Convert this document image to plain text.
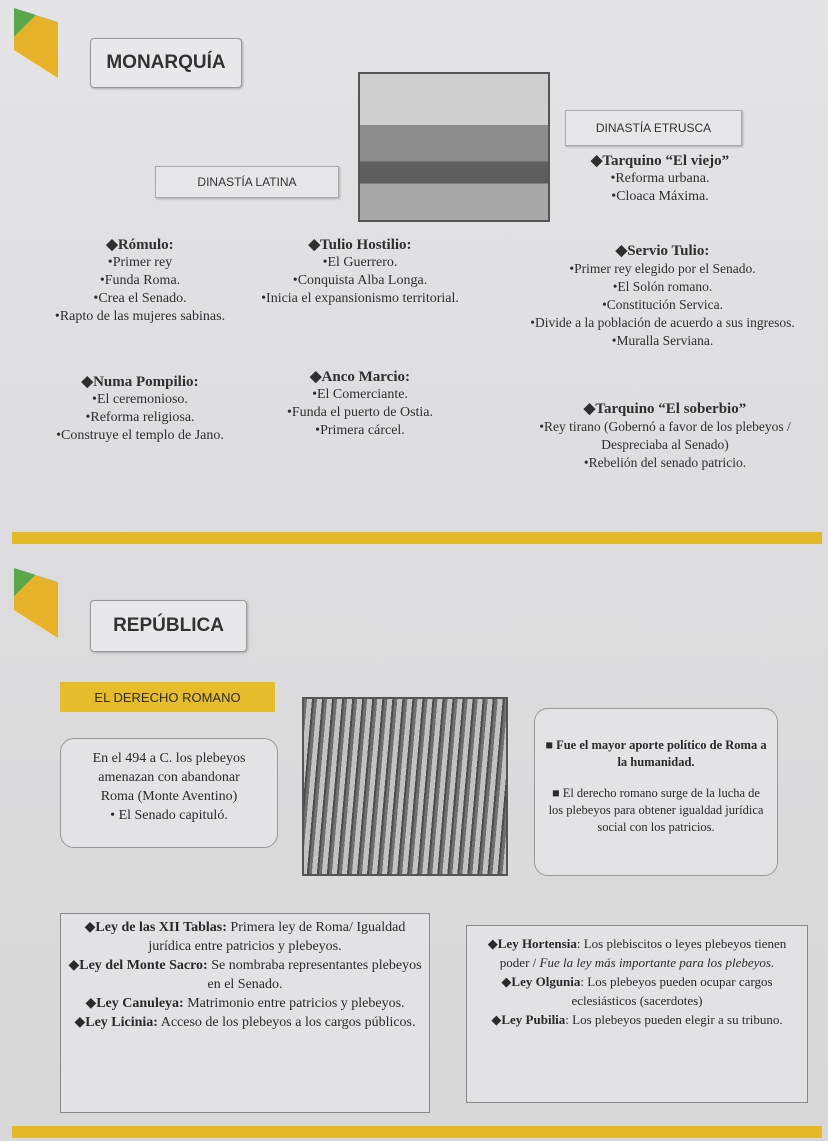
MONARQUÍA
DINASTÍA LATINA
DINASTÍA ETRUSCA
◆ Rómulo:
• Primer rey
• Funda Roma.
• Crea el Senado.
• Rapto de las mujeres sabinas.
◆ Tulio Hostilio:
• El Guerrero.
• Conquista Alba Longa.
• Inicia el expansionismo territorial.
◆ Numa Pompilio:
• El ceremonioso.
• Reforma religiosa.
• Construye el templo de Jano.
◆ Anco Marcio:
• El Comerciante.
• Funda el puerto de Ostia.
• Primera cárcel.
◆ Tarquino “El viejo”
• Reforma urbana.
• Cloaca Máxima.
◆ Servio Tulio:
• Primer rey elegido por el Senado.
• El Solón romano.
• Constitución Servica.
• Divide a la población de acuerdo a sus ingresos.
• Muralla Serviana.
◆ Tarquino “El soberbio”
• Rey tirano (Gobernó a favor de los plebeyos / Despreciaba al Senado)
• Rebelión del senado patricio.
REPÚBLICA
EL DERECHO ROMANO
En el 494 a C. los plebeyos
amenazan con abandonar
Roma (Monte Aventino)
• El Senado capituló.
■ Fue el mayor aporte político de Roma a la humanidad.
■ El derecho romano surge de la lucha de los plebeyos para obtener igualdad jurídica social con los patricios.
◆ Ley de las XII Tablas: Primera ley de Roma/ Igualdad jurídica entre patricios y plebeyos.
◆ Ley del Monte Sacro: Se nombraba representantes plebeyos en el Senado.
◆ Ley Canuleya: Matrimonio entre patricios y plebeyos.
◆ Ley Licinia: Acceso de los plebeyos a los cargos públicos.
◆ Ley Hortensia: Los plebiscitos o leyes plebeyos tienen poder / Fue la ley más importante para los plebeyos.
◆ Ley Olgunia: Los plebeyos pueden ocupar cargos eclesiásticos (sacerdotes)
◆ Ley Pubilia: Los plebeyos pueden elegir a su tribuno.
